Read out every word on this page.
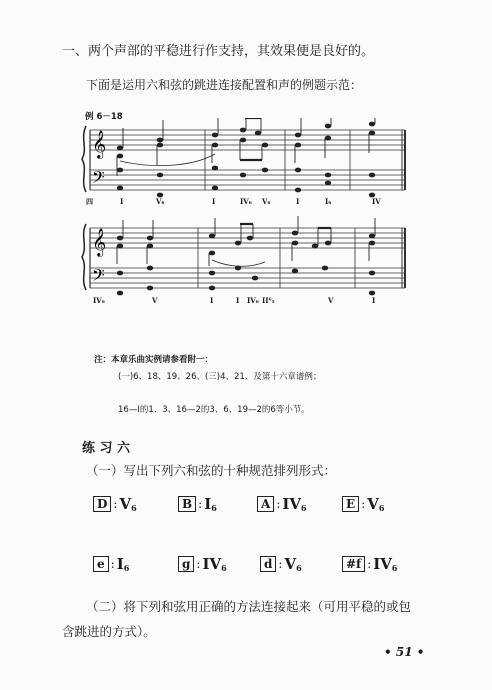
一、两个声部的平稳进行作支持，其效果便是良好的。
下面是运用六和弦的跳进连接配置和声的例题示范：
例 6－18
𝄞
𝄢
四	I	V₆	I	IV₆ V₆	I	I₆	IV
𝄞
𝄢
IV₆	V	I	I IV₆ II⁶₅	V	I
注：本章乐曲实例请参看附一：
(一)6、18、19、26、(三)4、21、及第十六章谱例；
16—I的1、3、16—2的3、6、19—2的6等小节。
练 习 六
（一）写出下列六和弦的十种规范排列形式：
D : $V_6$	B : $I_6$	A : $IV_6$	E : $V_6$
e : $I_6$	g : $IV_6$	d : $V_6$	#f : $IV_6$
（二）将下列和弦用正确的方法连接起来（可用平稳的或包
含跳进的方式）。
• 51 •
